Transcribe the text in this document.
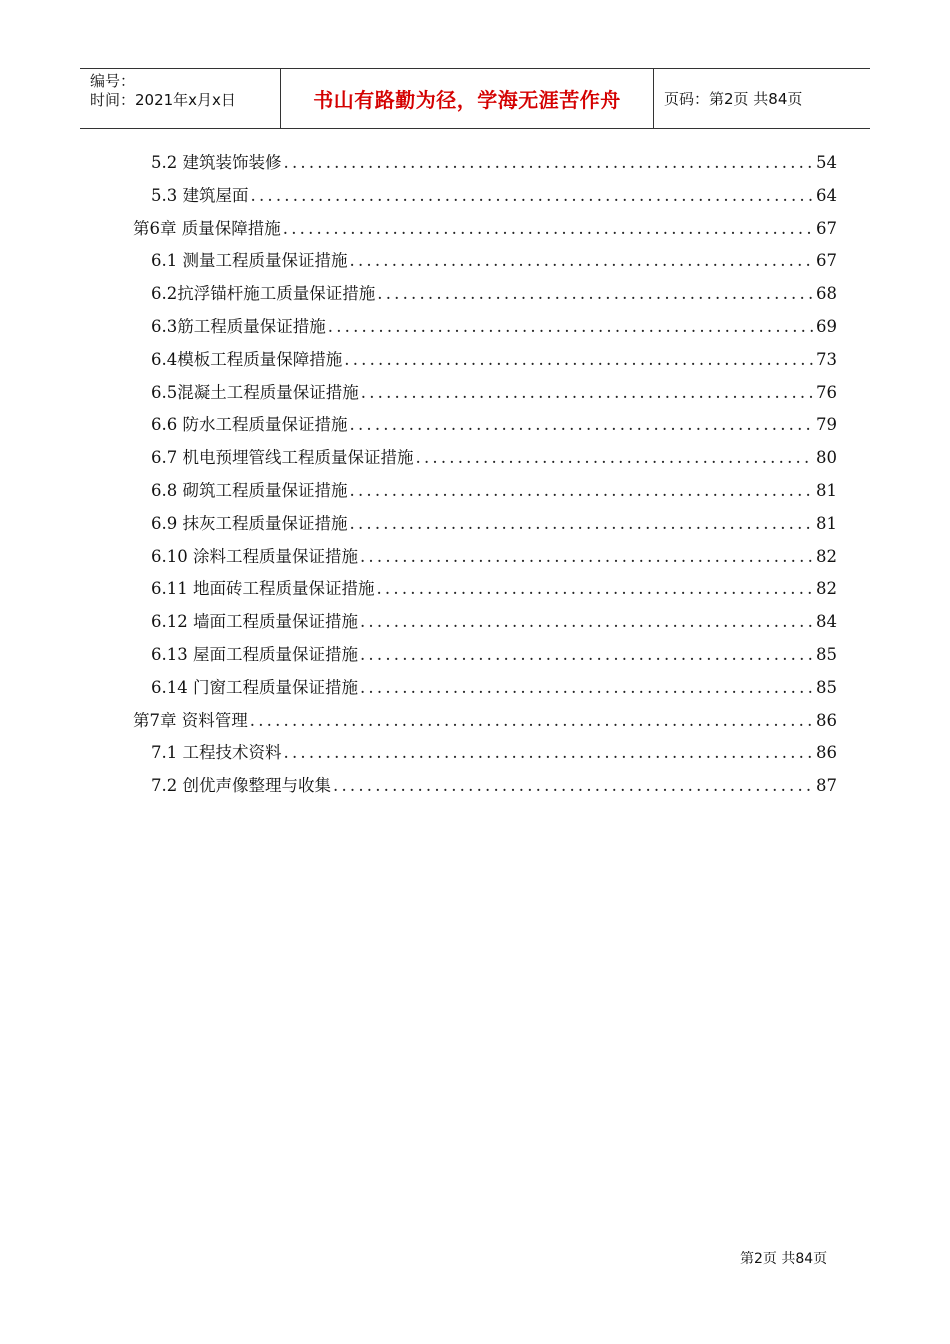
编号：
时间：2021年x月x日	书山有路勤为径，学海无涯苦作舟	页码：第2页 共84页
5.2 建筑装饰装修 .....	54
5.3 建筑屋面 .....	64
第6章 质量保障措施 .....	67
6.1 测量工程质量保证措施 .....	67
6.2抗浮锚杆施工质量保证措施 .....	68
6.3筋工程质量保证措施 .....	69
6.4模板工程质量保障措施 .....	73
6.5混凝土工程质量保证措施 .....	76
6.6 防水工程质量保证措施 .....	79
6.7 机电预埋管线工程质量保证措施 .....	80
6.8 砌筑工程质量保证措施 .....	81
6.9 抹灰工程质量保证措施 .....	81
6.10 涂料工程质量保证措施 .....	82
6.11 地面砖工程质量保证措施 .....	82
6.12 墙面工程质量保证措施 .....	84
6.13 屋面工程质量保证措施 .....	85
6.14 门窗工程质量保证措施 .....	85
第7章 资料管理 .....	86
7.1 工程技术资料 .....	86
7.2 创优声像整理与收集 .....	87
第2页 共84页
